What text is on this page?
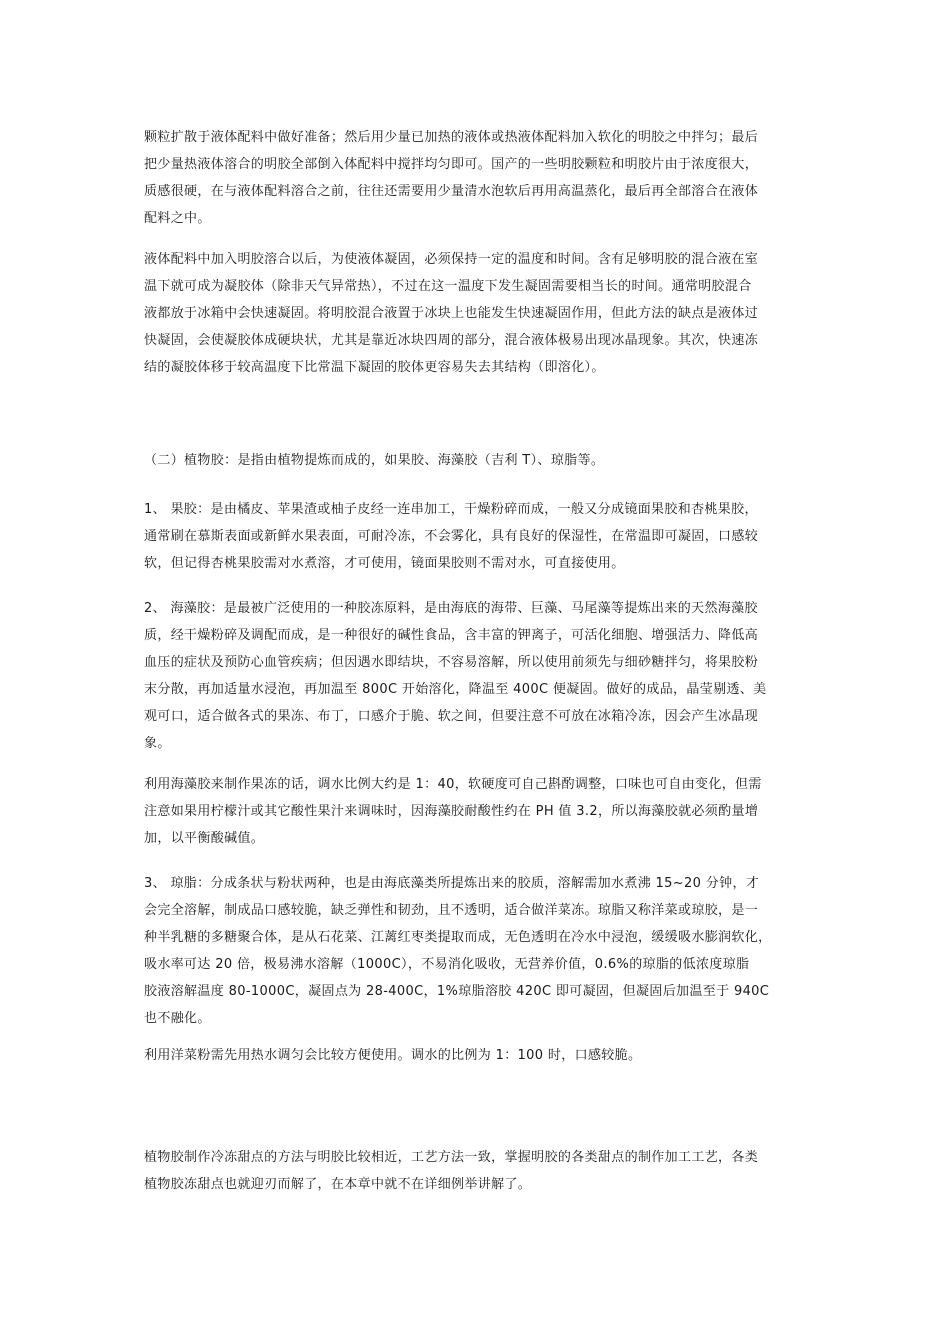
颗粒扩散于液体配料中做好准备；然后用少量已加热的液体或热液体配料加入软化的明胶之中拌匀；最后
把少量热液体溶合的明胶全部倒入体配料中搅拌均匀即可。国产的一些明胶颗粒和明胶片由于浓度很大，
质感很硬，在与液体配料溶合之前，往往还需要用少量清水泡软后再用高温蒸化，最后再全部溶合在液体
配料之中。
液体配料中加入明胶溶合以后，为使液体凝固，必须保持一定的温度和时间。含有足够明胶的混合液在室
温下就可成为凝胶体（除非天气异常热），不过在这一温度下发生凝固需要相当长的时间。通常明胶混合
液都放于冰箱中会快速凝固。将明胶混合液置于冰块上也能发生快速凝固作用，但此方法的缺点是液体过
快凝固，会使凝胶体成硬块状，尤其是靠近冰块四周的部分，混合液体极易出现冰晶现象。其次，快速冻
结的凝胶体移于较高温度下比常温下凝固的胶体更容易失去其结构（即溶化）。
（二）植物胶：是指由植物提炼而成的，如果胶、海藻胶（吉利 T）、琼脂等。
1、 果胶：是由橘皮、苹果渣或柚子皮经一连串加工，干燥粉碎而成，一般又分成镜面果胶和杏桃果胶，
通常刷在慕斯表面或新鲜水果表面，可耐冷冻，不会雾化，具有良好的保湿性，在常温即可凝固，口感较
软，但记得杏桃果胶需对水煮溶，才可使用，镜面果胶则不需对水，可直接使用。
2、 海藻胶：是最被广泛使用的一种胶冻原料，是由海底的海带、巨藻、马尾藻等提炼出来的天然海藻胶
质，经干燥粉碎及调配而成，是一种很好的碱性食品，含丰富的钾离子，可活化细胞、增强活力、降低高
血压的症状及预防心血管疾病；但因遇水即结块，不容易溶解，所以使用前须先与细砂糖拌匀，将果胶粉
末分散，再加适量水浸泡，再加温至 800C 开始溶化，降温至 400C 便凝固。做好的成品，晶莹剔透、美
观可口，适合做各式的果冻、布丁，口感介于脆、软之间，但要注意不可放在冰箱冷冻，因会产生冰晶现
象。
利用海藻胶来制作果冻的话，调水比例大约是 1：40，软硬度可自己斟酌调整，口味也可自由变化，但需
注意如果用柠檬汁或其它酸性果汁来调味时，因海藻胶耐酸性约在 PH 值 3.2，所以海藻胶就必须酌量增
加，以平衡酸碱值。
3、 琼脂：分成条状与粉状两种，也是由海底藻类所提炼出来的胶质，溶解需加水煮沸 15~20 分钟，才
会完全溶解，制成品口感较脆，缺乏弹性和韧劲，且不透明，适合做洋菜冻。琼脂又称洋菜或琼胶，是一
种半乳糖的多糖聚合体，是从石花菜、江蓠红枣类提取而成，无色透明在冷水中浸泡，缓缓吸水膨润软化，
吸水率可达 20 倍，极易沸水溶解（1000C），不易消化吸收，无营养价值，0.6%的琼脂的低浓度琼脂
胶液溶解温度 80-1000C，凝固点为 28-400C，1%琼脂溶胶 420C 即可凝固，但凝固后加温至于 940C
也不融化。
利用洋菜粉需先用热水调匀会比较方便使用。调水的比例为 1：100 时，口感较脆。
植物胶制作冷冻甜点的方法与明胶比较相近，工艺方法一致，掌握明胶的各类甜点的制作加工工艺，各类
植物胶冻甜点也就迎刃而解了，在本章中就不在详细例举讲解了。
